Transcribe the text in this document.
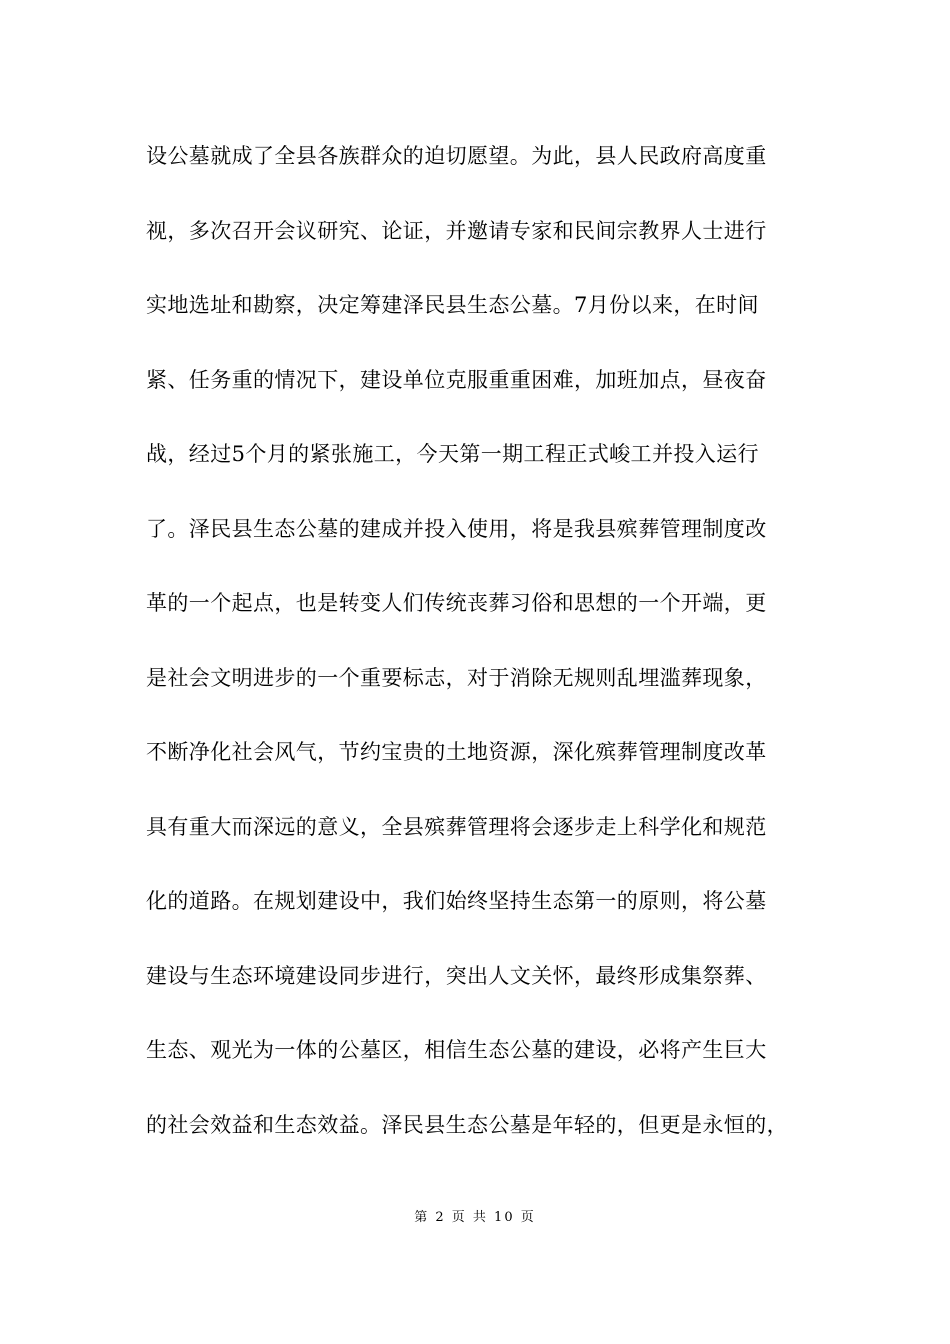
设公墓就成了全县各族群众的迫切愿望。为此，县人民政府高度重
视，多次召开会议研究、论证，并邀请专家和民间宗教界人士进行
实地选址和勘察，决定筹建泽民县生态公墓。7月份以来，在时间
紧、任务重的情况下，建设单位克服重重困难，加班加点，昼夜奋
战，经过5个月的紧张施工，今天第一期工程正式峻工并投入运行
了。泽民县生态公墓的建成并投入使用，将是我县殡葬管理制度改
革的一个起点，也是转变人们传统丧葬习俗和思想的一个开端，更
是社会文明进步的一个重要标志，对于消除无规则乱埋滥葬现象，
不断净化社会风气，节约宝贵的土地资源，深化殡葬管理制度改革
具有重大而深远的意义，全县殡葬管理将会逐步走上科学化和规范
化的道路。在规划建设中，我们始终坚持生态第一的原则，将公墓
建设与生态环境建设同步进行，突出人文关怀，最终形成集祭葬、
生态、观光为一体的公墓区，相信生态公墓的建设，必将产生巨大
的社会效益和生态效益。泽民县生态公墓是年轻的，但更是永恒的，
第 2 页 共 10 页
